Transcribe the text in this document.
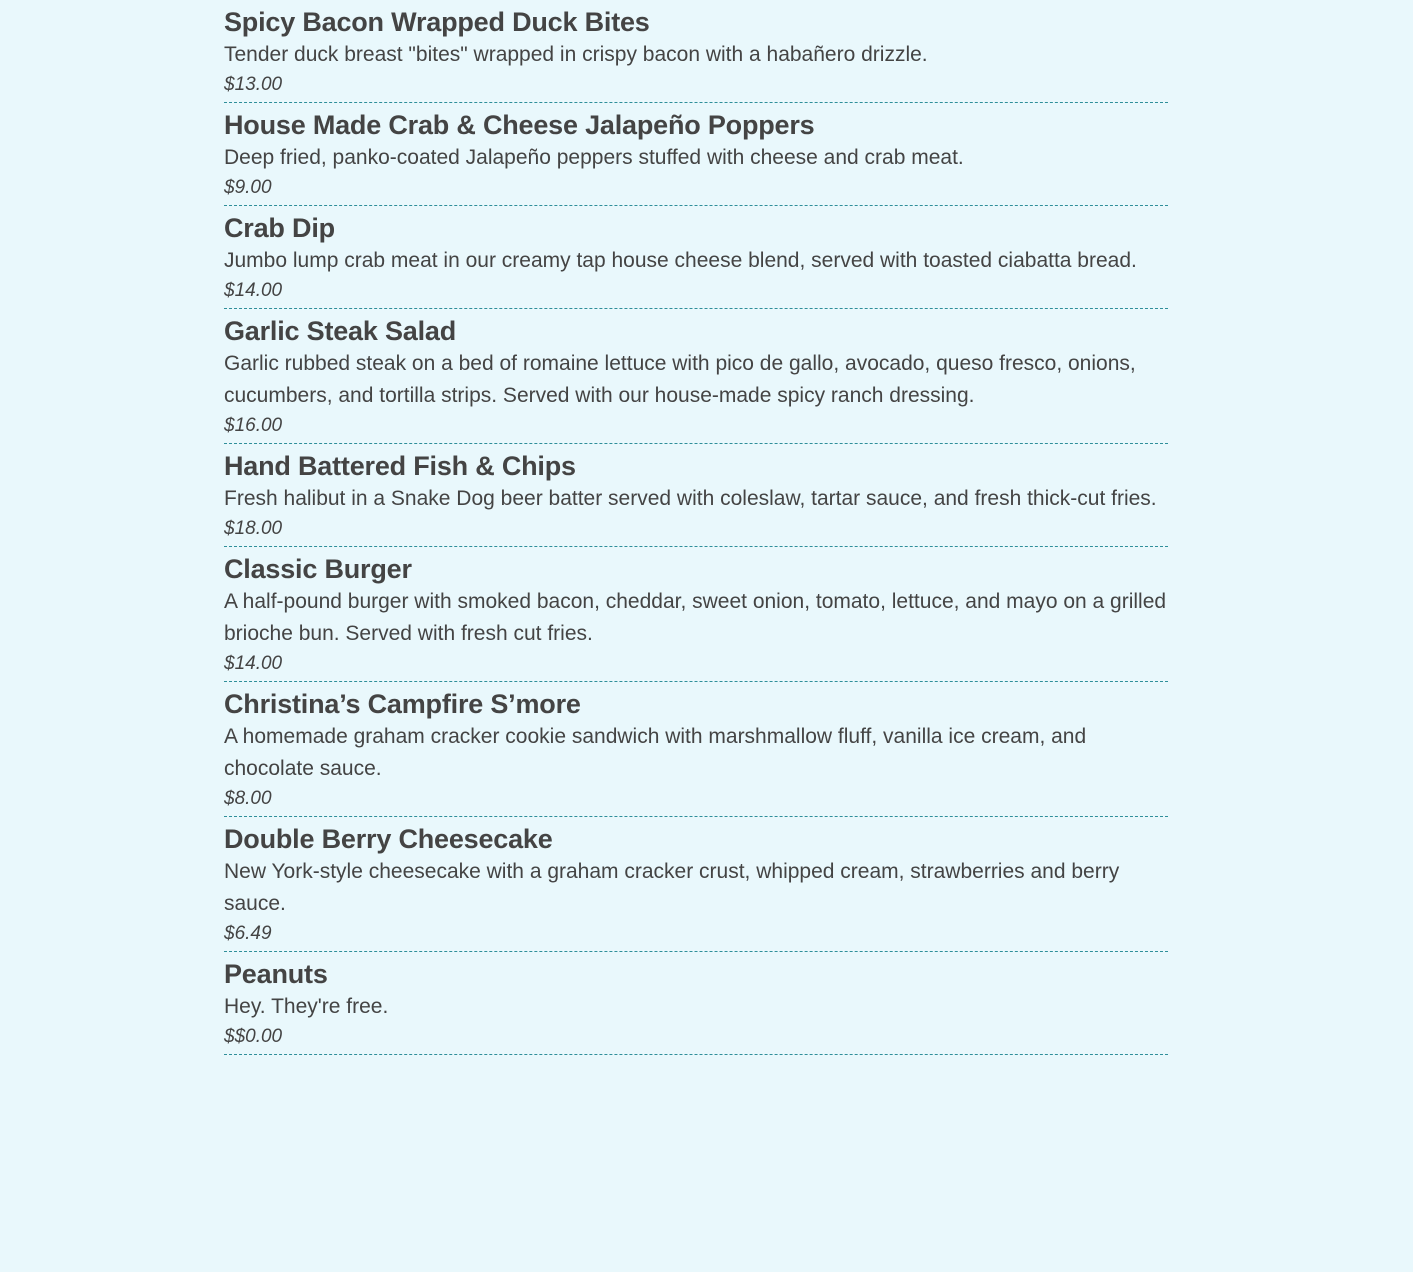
Spicy Bacon Wrapped Duck Bites
Tender duck breast "bites" wrapped in crispy bacon with a habañero drizzle.
$13.00
House Made Crab & Cheese Jalapeño Poppers
Deep fried, panko-coated Jalapeño peppers stuffed with cheese and crab meat.
$9.00
Crab Dip
Jumbo lump crab meat in our creamy tap house cheese blend, served with toasted ciabatta bread.
$14.00
Garlic Steak Salad
Garlic rubbed steak on a bed of romaine lettuce with pico de gallo, avocado, queso fresco, onions, cucumbers, and tortilla strips. Served with our house-made spicy ranch dressing.
$16.00
Hand Battered Fish & Chips
Fresh halibut in a Snake Dog beer batter served with coleslaw, tartar sauce, and fresh thick-cut fries.
$18.00
Classic Burger
A half-pound burger with smoked bacon, cheddar, sweet onion, tomato, lettuce, and mayo on a grilled brioche bun. Served with fresh cut fries.
$14.00
Christina’s Campfire S’more
A homemade graham cracker cookie sandwich with marshmallow fluff, vanilla ice cream, and chocolate sauce.
$8.00
Double Berry Cheesecake
New York-style cheesecake with a graham cracker crust, whipped cream, strawberries and berry sauce.
$6.49
Peanuts
Hey. They're free.
$$0.00
